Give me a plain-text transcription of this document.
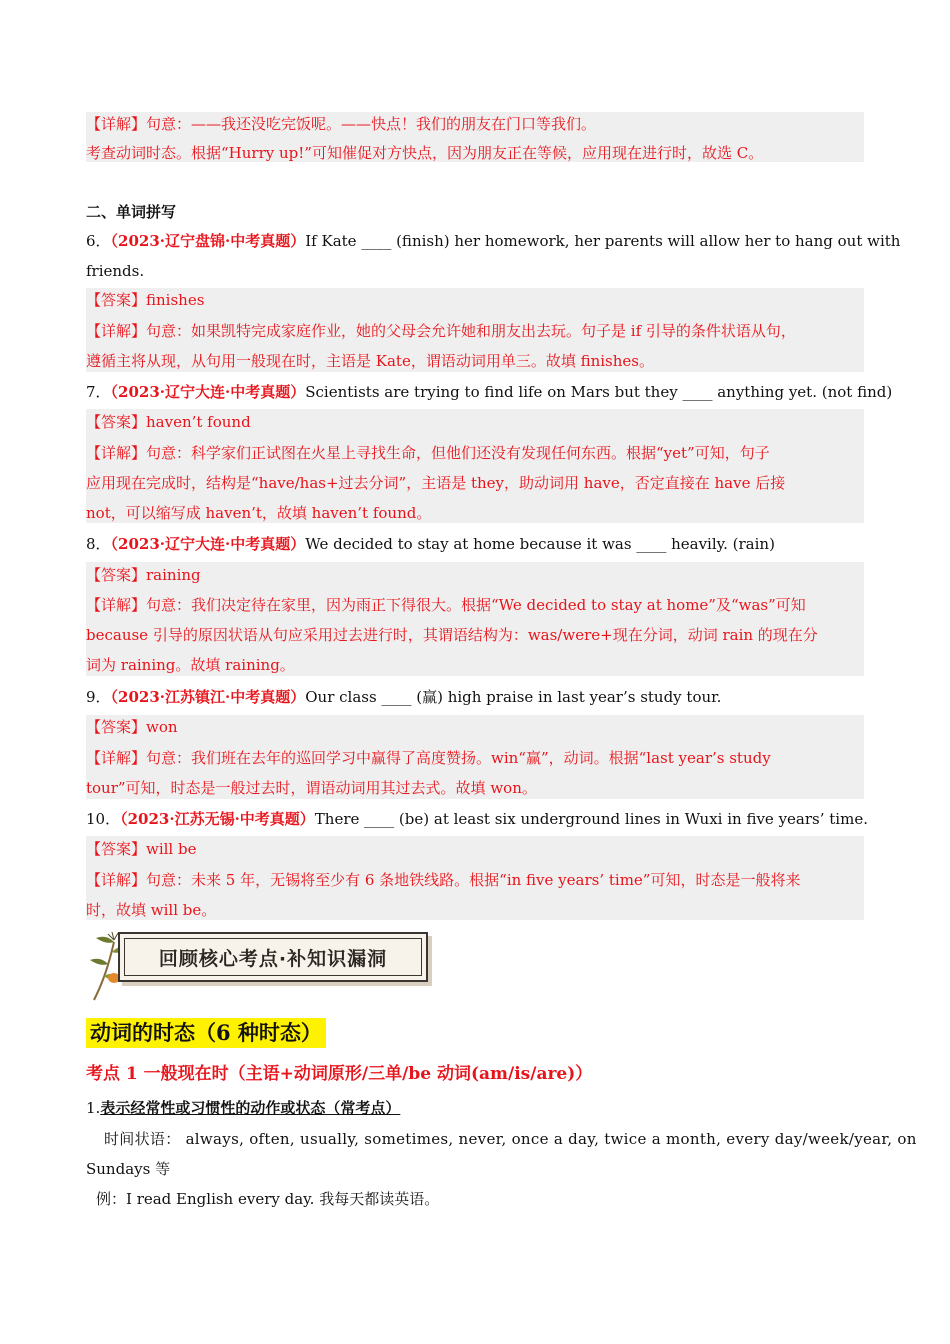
【详解】句意：——我还没吃完饭呢。——快点！我们的朋友在门口等我们。
考查动词时态。根据“Hurry up!”可知催促对方快点，因为朋友正在等候，应用现在进行时，故选 C。
二、单词拼写
6．（2023·辽宁盘锦·中考真题）If Kate ____ (finish) her homework, her parents will allow her to hang out with
friends.
【答案】finishes
【详解】句意：如果凯特完成家庭作业，她的父母会允许她和朋友出去玩。句子是 if 引导的条件状语从句，
遵循主将从现，从句用一般现在时，主语是 Kate，谓语动词用单三。故填 finishes。
7．（2023·辽宁大连·中考真题）Scientists are trying to find life on Mars but they ____ anything yet. (not find)
【答案】haven’t found
【详解】句意：科学家们正试图在火星上寻找生命，但他们还没有发现任何东西。根据“yet”可知，句子
应用现在完成时，结构是“have/has+过去分词”，主语是 they，助动词用 have，否定直接在 have 后接
not，可以缩写成 haven’t，故填 haven’t found。
8．（2023·辽宁大连·中考真题）We decided to stay at home because it was ____ heavily. (rain)
【答案】raining
【详解】句意：我们决定待在家里，因为雨正下得很大。根据“We decided to stay at home”及“was”可知
because 引导的原因状语从句应采用过去进行时，其谓语结构为：was/were+现在分词，动词 rain 的现在分
词为 raining。故填 raining。
9．（2023·江苏镇江·中考真题）Our class ____ (赢) high praise in last year’s study tour.
【答案】won
【详解】句意：我们班在去年的巡回学习中赢得了高度赞扬。win“赢”，动词。根据“last year’s study
tour”可知，时态是一般过去时，谓语动词用其过去式。故填 won。
10．（2023·江苏无锡·中考真题）There ____ (be) at least six underground lines in Wuxi in five years’ time.
【答案】will be
【详解】句意：未来 5 年，无锡将至少有 6 条地铁线路。根据“in five years’ time”可知，时态是一般将来
时，故填 will be。
回顾核心考点·补知识漏洞
动词的时态（6 种时态）
考点 1 一般现在时（主语+动词原形/三单/be 动词(am/is/are)）
1.表示经常性或习惯性的动作或状态（常考点）
时间状语： always, often, usually, sometimes, never, once a day, twice a month, every day/week/year, on
Sundays 等
例：I read English every day. 我每天都读英语。
